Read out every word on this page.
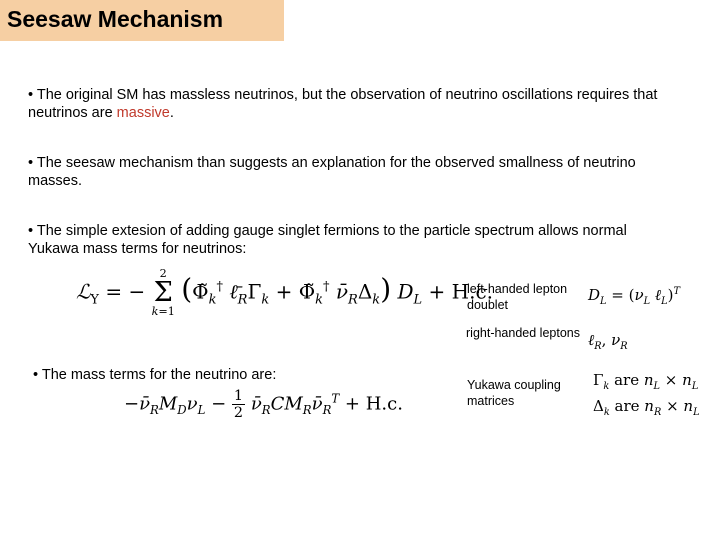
Seesaw Mechanism
• The original SM has massless neutrinos, but the observation of neutrino oscillations requires that neutrinos are massive.
• The seesaw mechanism than suggests an explanation for the observed smallness of neutrino masses.
• The simple extesion of adding gauge singlet fermions to the particle spectrum allows normal Yukawa mass terms for neutrinos:
ℒ$_Y$ = −
2
Σ
k=1
($\Phĩ_k^\dagger$ $\ell̄_R\Gamma_k$ + $\Phĩ_k^\dagger$ $\nū_R\Delta_k$) $D_L + H.c$.
left-handed lepton doublet
$D_L = (\nu_L$ ℓ$_L$)$^T$
right-handed leptons ℓ$_R$, $\nu_R$
• The mass terms for the neutrino are:
Yukawa coupling matrices
$\Gamma_k$ are $n_L \times n_L$
$\Delta_k$ are $n_R \times n_L$
$-\nū_RM_D\nu_L - \frac{1}{2}$ $\nū_RCM_R\nū_R^T + H.c$.
